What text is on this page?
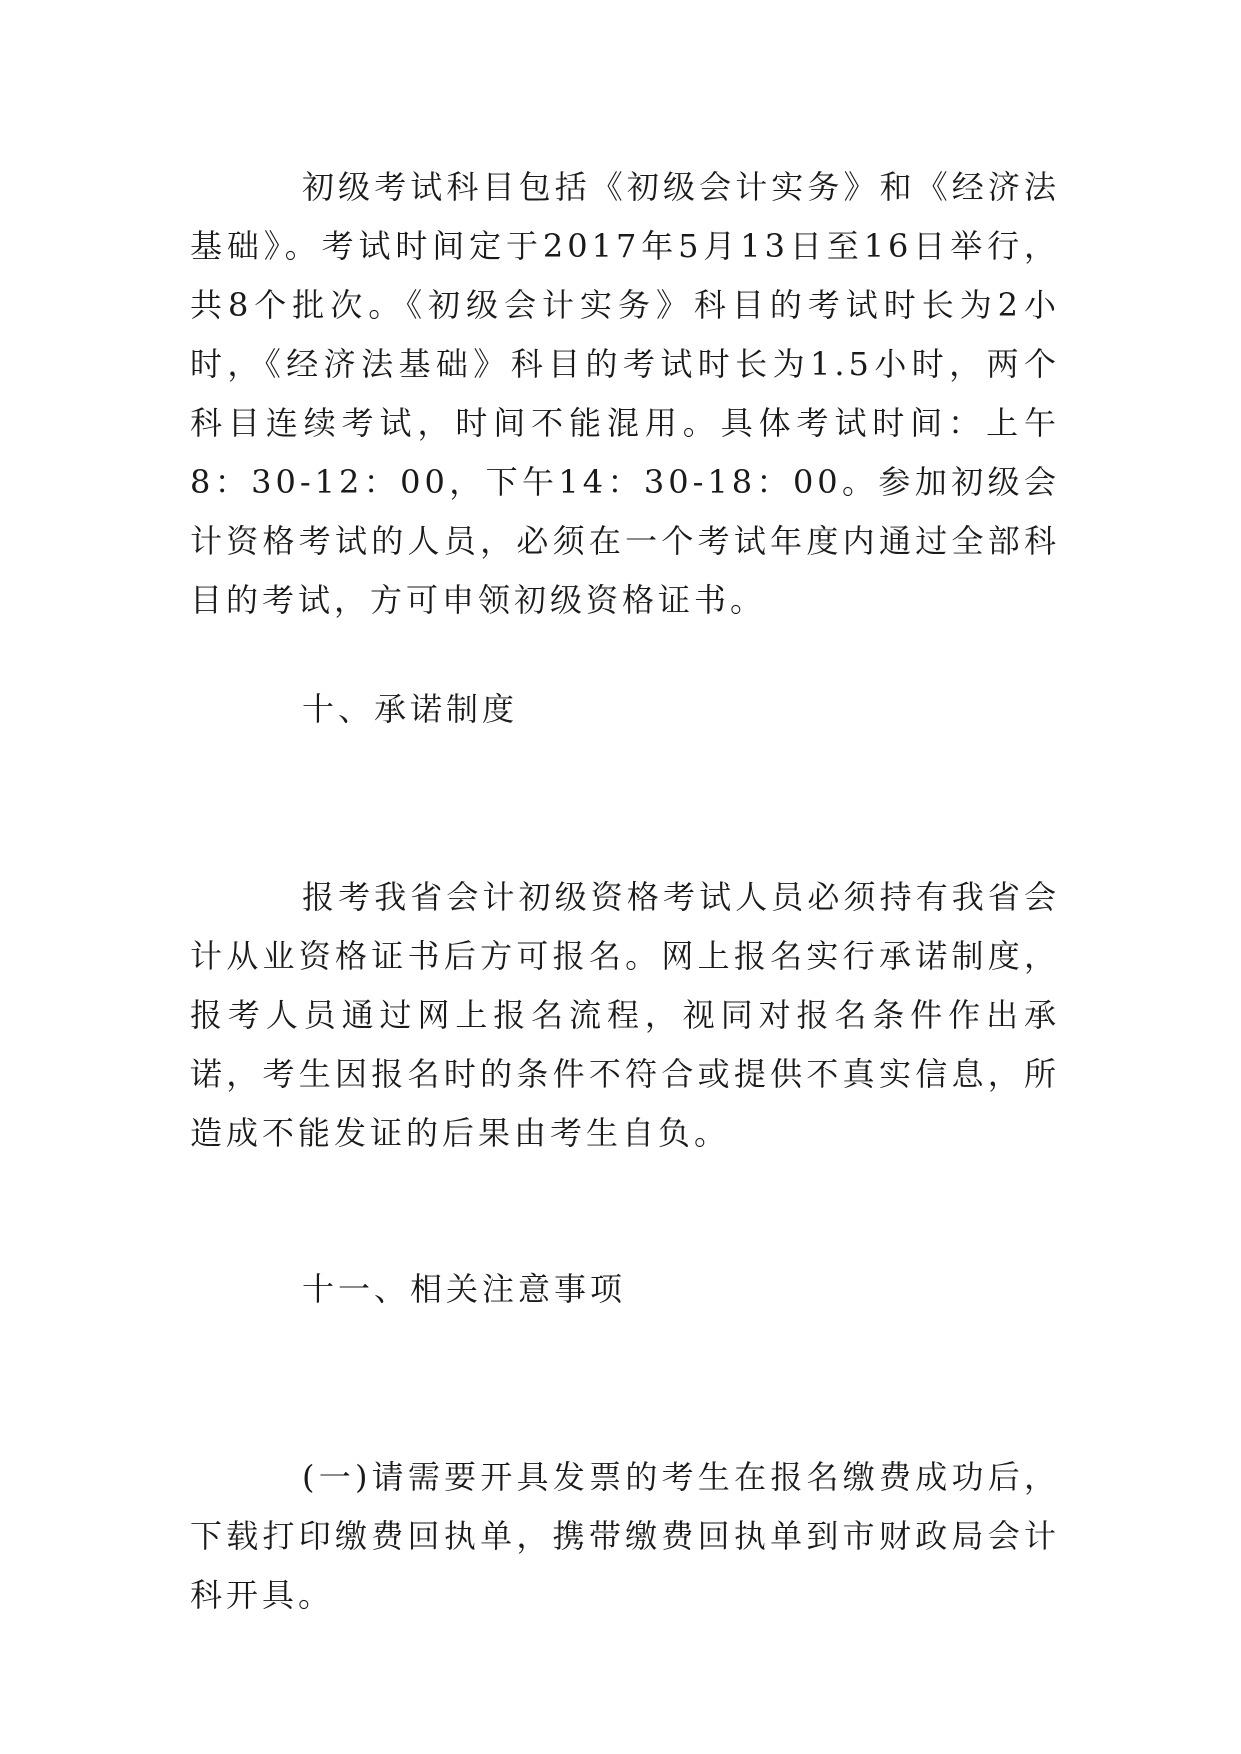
初级考试科目包括《初级会计实务》和《经济法基础》。考试时间定于2017年5月13日至16日举行，共8个批次。《初级会计实务》科目的考试时长为2小时，《经济法基础》科目的考试时长为1.5小时，两个科目连续考试，时间不能混用。具体考试时间：上午8：30-12：00，下午14：30-18：00。参加初级会计资格考试的人员，必须在一个考试年度内通过全部科目的考试，方可申领初级资格证书。

十、承诺制度

报考我省会计初级资格考试人员必须持有我省会计从业资格证书后方可报名。网上报名实行承诺制度，报考人员通过网上报名流程，视同对报名条件作出承诺，考生因报名时的条件不符合或提供不真实信息，所造成不能发证的后果由考生自负。

十一、相关注意事项

(一)请需要开具发票的考生在报名缴费成功后，下载打印缴费回执单，携带缴费回执单到市财政局会计科开具。
